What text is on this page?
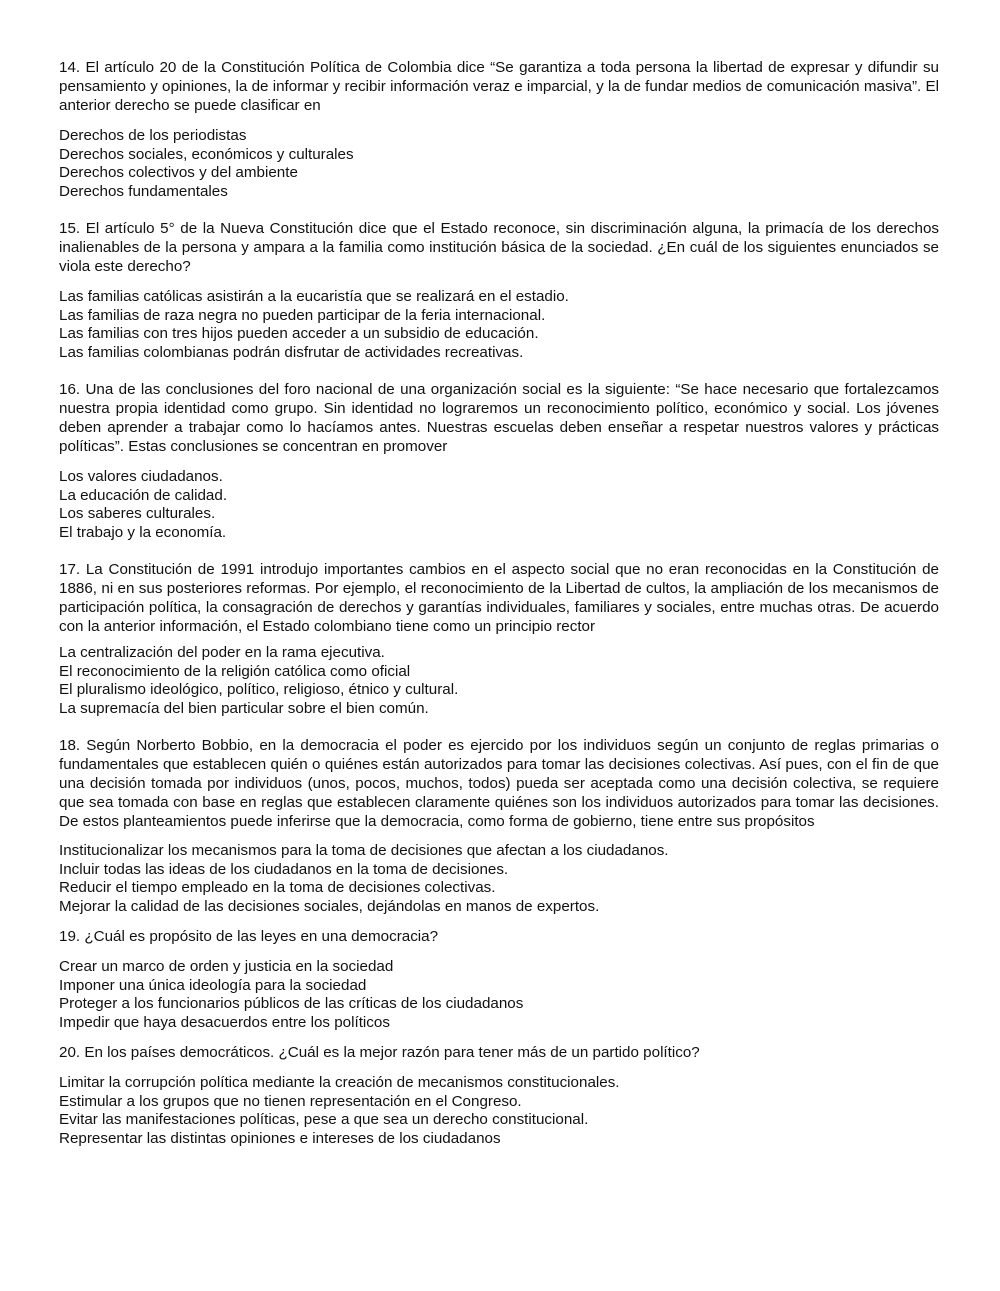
14. El artículo 20 de la Constitución Política de Colombia dice “Se garantiza a toda persona la libertad de expresar y difundir su pensamiento y opiniones, la de informar y recibir información veraz e imparcial, y la de fundar medios de comunicación masiva”. El anterior derecho se puede clasificar en

Derechos de los periodistas
Derechos sociales, económicos y culturales
Derechos colectivos y del ambiente
Derechos fundamentales

15. El artículo 5° de la Nueva Constitución dice que el Estado reconoce, sin discriminación alguna, la primacía de los derechos inalienables de la persona y ampara a la familia como institución básica de la sociedad. ¿En cuál de los siguientes enunciados se viola este derecho?

Las familias católicas asistirán a la eucaristía que se realizará en el estadio.
Las familias de raza negra no pueden participar de la feria internacional.
Las familias con tres hijos pueden acceder a un subsidio de educación.
Las familias colombianas podrán disfrutar de actividades recreativas.

16. Una de las conclusiones del foro nacional de una organización social es la siguiente: “Se hace necesario que fortalezcamos nuestra propia identidad como grupo. Sin identidad no lograremos un reconocimiento político, económico y social. Los jóvenes deben aprender a trabajar como lo hacíamos antes. Nuestras escuelas deben enseñar a respetar nuestros valores y prácticas políticas”. Estas conclusiones se concentran en promover

Los valores ciudadanos.
La educación de calidad.
Los saberes culturales.
El trabajo y la economía.

17. La Constitución de 1991 introdujo importantes cambios en el aspecto social que no eran reconocidas en la Constitución de 1886, ni en sus posteriores reformas. Por ejemplo, el reconocimiento de la Libertad de cultos, la ampliación de los mecanismos de participación política, la consagración de derechos y garantías individuales, familiares y sociales, entre muchas otras. De acuerdo con la anterior información, el Estado colombiano tiene como un principio rector

La centralización del poder en la rama ejecutiva.
El reconocimiento de la religión católica como oficial
El pluralismo ideológico, político, religioso, étnico y cultural.
La supremacía del bien particular sobre el bien común.

18. Según Norberto Bobbio, en la democracia el poder es ejercido por los individuos según un conjunto de reglas primarias o fundamentales que establecen quién o quiénes están autorizados para tomar las decisiones colectivas. Así pues, con el fin de que una decisión tomada por individuos (unos, pocos, muchos, todos) pueda ser aceptada como una decisión colectiva, se requiere que sea tomada con base en reglas que establecen claramente quiénes son los individuos autorizados para tomar las decisiones. De estos planteamientos puede inferirse que la democracia, como forma de gobierno, tiene entre sus propósitos

Institucionalizar los mecanismos para la toma de decisiones que afectan a los ciudadanos.
Incluir todas las ideas de los ciudadanos en la toma de decisiones.
Reducir el tiempo empleado en la toma de decisiones colectivas.
Mejorar la calidad de las decisiones sociales, dejándolas en manos de expertos.

19. ¿Cuál es propósito de las leyes en una democracia?

Crear un marco de orden y justicia en la sociedad
Imponer una única ideología para la sociedad
Proteger a los funcionarios públicos de las críticas de los ciudadanos
Impedir que haya desacuerdos entre los políticos

20. En los países democráticos. ¿Cuál es la mejor razón para tener más de un partido político?

Limitar la corrupción política mediante la creación de mecanismos constitucionales.
Estimular a los grupos que no tienen representación en el Congreso.
Evitar las manifestaciones políticas, pese a que sea un derecho constitucional.
Representar las distintas opiniones e intereses de los ciudadanos
